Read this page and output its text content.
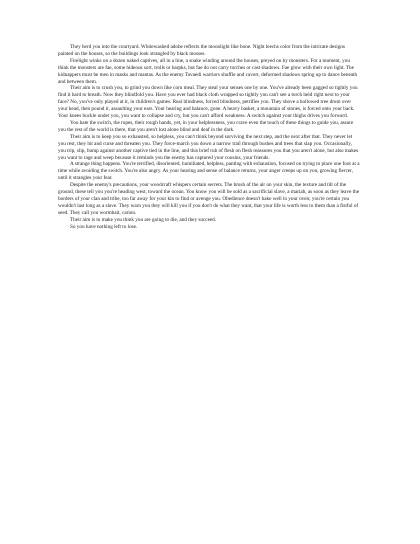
They herd you into the courtyard. Whitewashed adobe reflects the moonlight like bone. Night leechs color from the intricate designs painted on the houses, so the buildings look strangled by black mosses.

Firelight winks on a dozen naked captives, all in a line, a snake winding around the houses, preyed on by monsters. For a moment, you think the monsters are fae, some hideous sort, trolls or harpks, but fae do not carry torches or cast shadows. Fae glow with their own light. The kidnappers must be men in masks and mantas. As the enemy Tavaedi warriors shuffle and cavort, deformed shadows spring up to dance beneath and between them.

Their aim is to crush you, to grind you down like corn meal. They steal your senses one by one. You've already been gagged so tightly you find it hard to breath. Now they blindfold you. Have you ever had black cloth wrapped so tightly you can't see a torch held right next to your face? No, you've only played at it, in children's games. Real blindness, forced blindness, petrifies you. They shove a hollowed tree drum over your head, then pound it, assaulting your ears. Your hearing and balance, gone. A heavy basket, a mountain of stones, is forced onto your back. Your knees buckle under you, you want to collapse and cry, but you can't afford weakness. A switch against your thighs drives you forward.

You hate the switch, the ropes, their rough hands, yet, in your helplessness, you crave even the touch of these things to guide you, assure you the rest of the world is there, that you aren't lost alone blind and deaf in the dark.

Their aim is to keep you so exhausted, so helpless, you can't think beyond surviving the next step, and the next after that. They never let you rest, they hit and curse and threaten you. They force-march you down a narrow trail through bushes and trees that slap you. Occasionally, you trip, slip, bump against another captive tied in the line, and this brief rub of flesh on flesh reassures you that you aren't alone, but also makes you want to rage and weep because it reminds you the enemy has captured your cousins, your friends.

A strange thing happens. You're terrified, disoriented, humiliated, helpless, panting with exhaustion, focused on trying to place one foot at a time while avoiding the switch. You're also angry. As your hearing and sense of balance returns, your anger creeps up on you, growing fiercer, until it strangles your fear.

Despite the enemy's precautions, your woodcraft whispers certain secrets. The brush of the air on your skin, the texture and tilt of the ground, these tell you you're heading west, toward the ocean. You know you will be sold as a sacrificial slave, a mariah, as soon as they leave the borders of your clan and tribe, too far away for your kin to find or avenge you. Obedience doesn't bake well in your oven; you're certain you wouldn't last long as a slave. They warn you they will kill you if you don't do what they want, that your life is worth less to them than a fistful of seed. They call you wormbait, carion.

Their aim is to make you think you are going to die, and they succeed.

So you have nothing left to lose.
